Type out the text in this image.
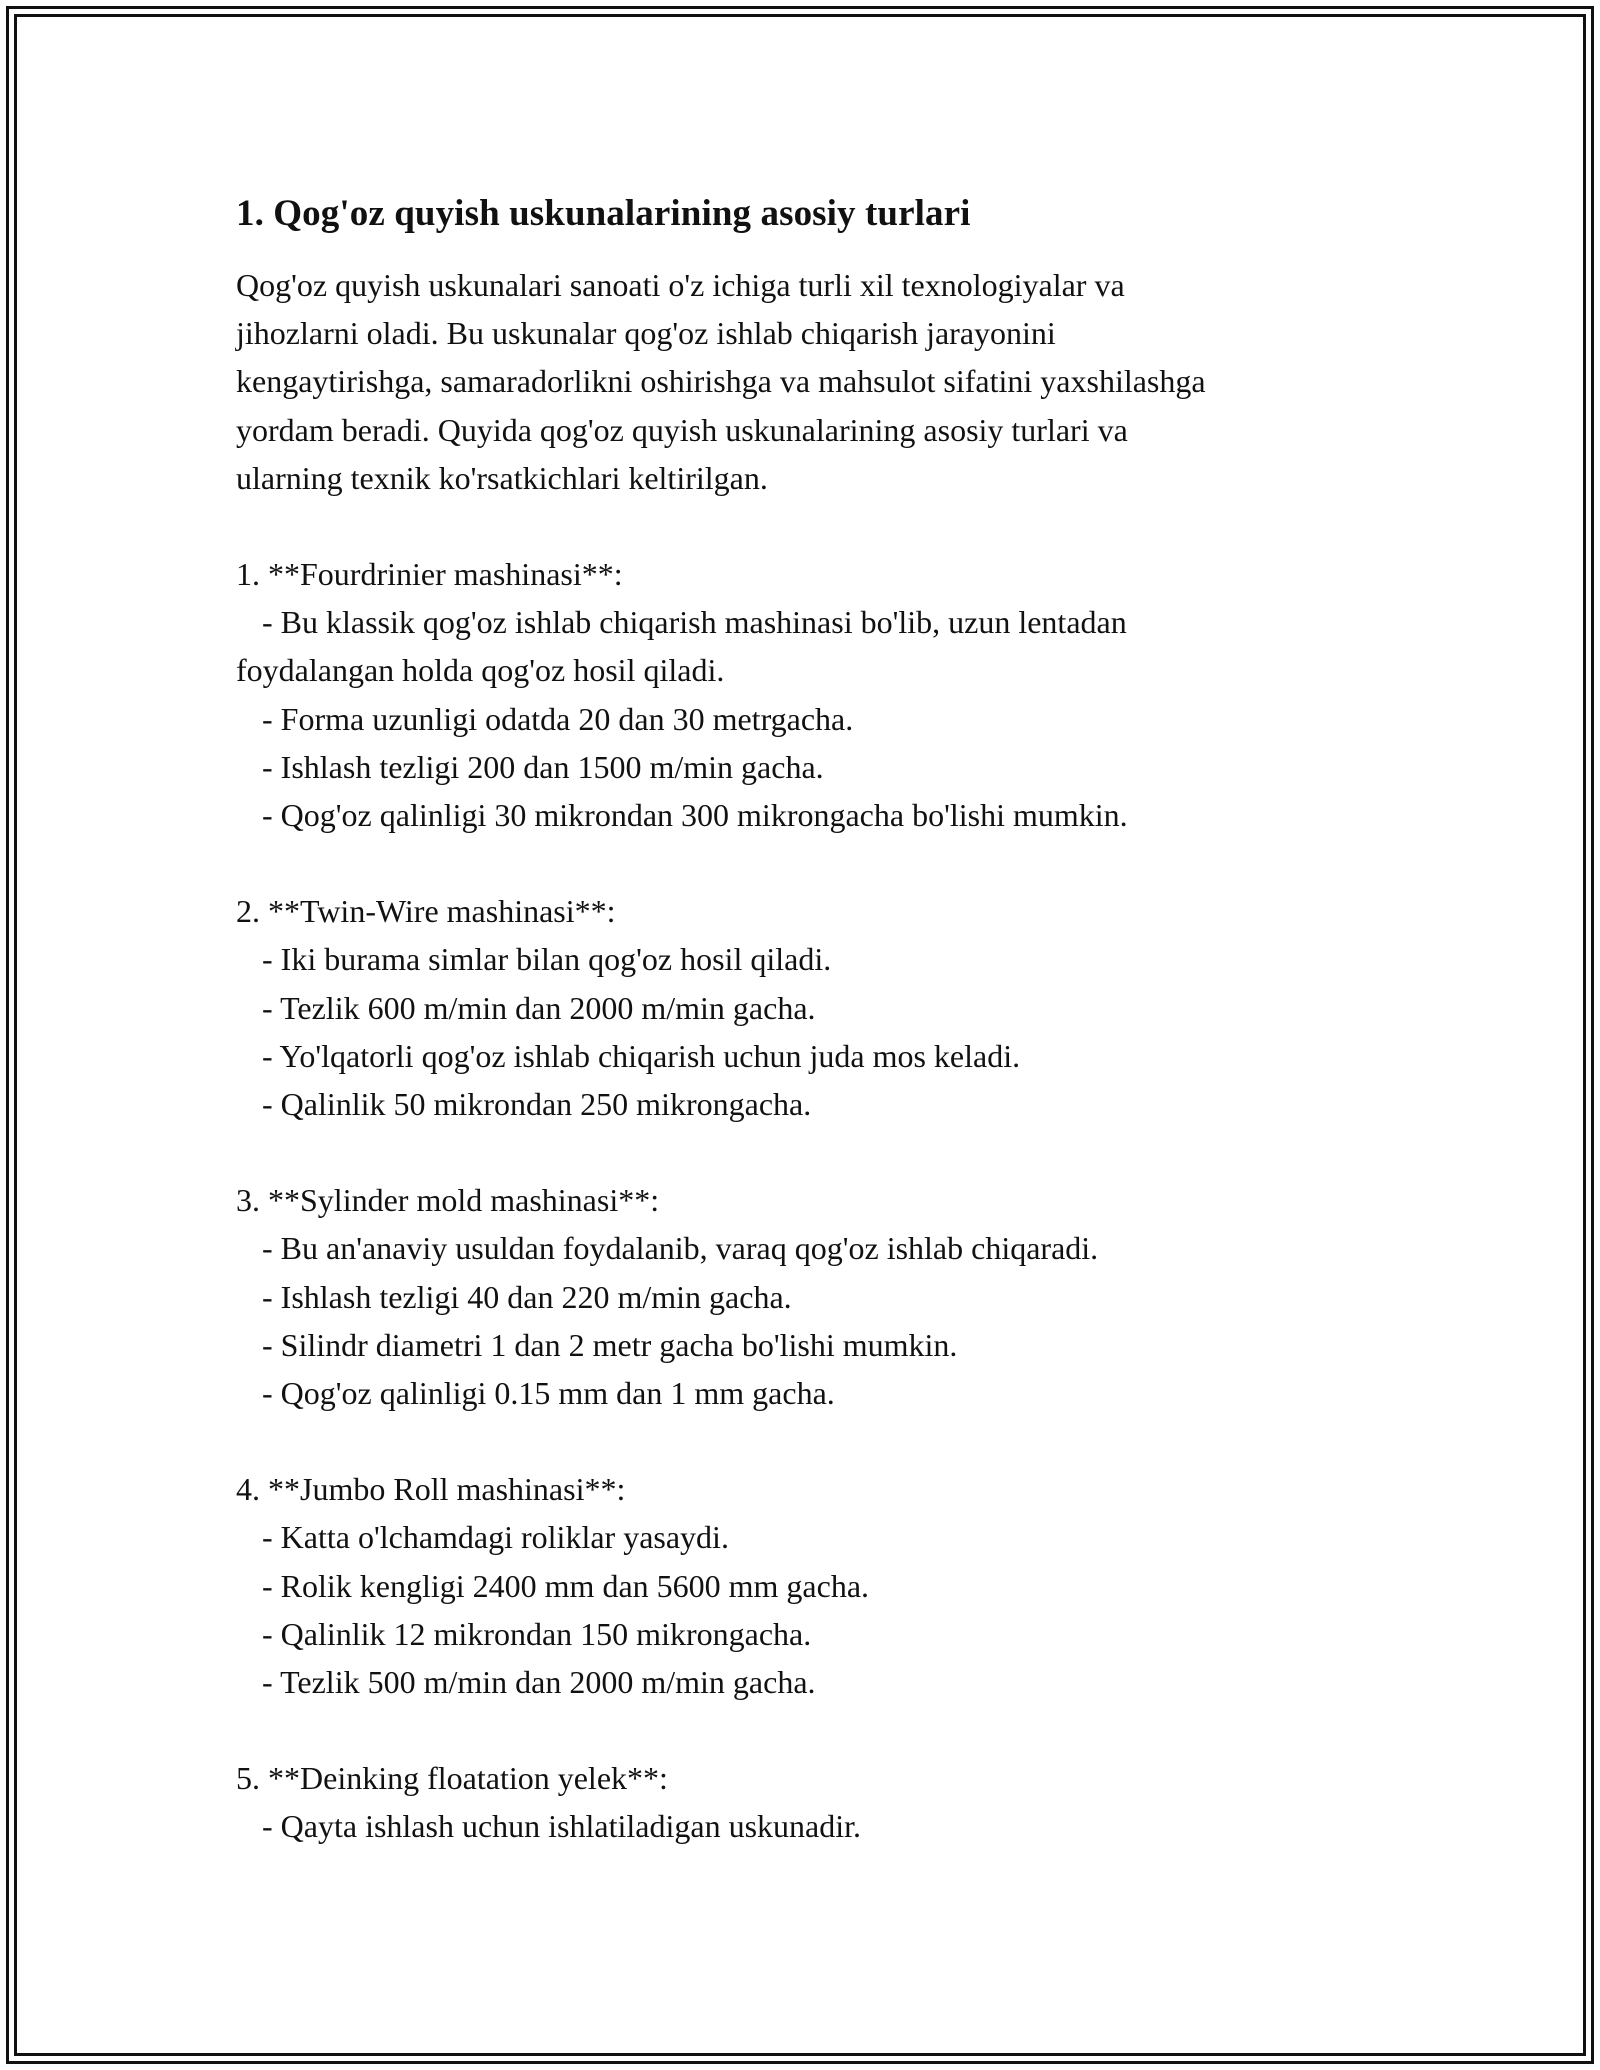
1. Qog'oz quyish uskunalarining asosiy turlari

Qog'oz quyish uskunalari sanoati o'z ichiga turli xil texnologiyalar va
jihozlarni oladi. Bu uskunalar qog'oz ishlab chiqarish jarayonini
kengaytirishga, samaradorlikni oshirishga va mahsulot sifatini yaxshilashga
yordam beradi. Quyida qog'oz quyish uskunalarining asosiy turlari va
ularning texnik ko'rsatkichlari keltirilgan.

1. **Fourdrinier mashinasi**:
- Bu klassik qog'oz ishlab chiqarish mashinasi bo'lib, uzun lentadan
foydalangan holda qog'oz hosil qiladi.
- Forma uzunligi odatda 20 dan 30 metrgacha.
- Ishlash tezligi 200 dan 1500 m/min gacha.
- Qog'oz qalinligi 30 mikrondan 300 mikrongacha bo'lishi mumkin.
2. **Twin-Wire mashinasi**:
- Iki burama simlar bilan qog'oz hosil qiladi.
- Tezlik 600 m/min dan 2000 m/min gacha.
- Yo'lqatorli qog'oz ishlab chiqarish uchun juda mos keladi.
- Qalinlik 50 mikrondan 250 mikrongacha.
3. **Sylinder mold mashinasi**:
- Bu an'anaviy usuldan foydalanib, varaq qog'oz ishlab chiqaradi.
- Ishlash tezligi 40 dan 220 m/min gacha.
- Silindr diametri 1 dan 2 metr gacha bo'lishi mumkin.
- Qog'oz qalinligi 0.15 mm dan 1 mm gacha.
4. **Jumbo Roll mashinasi**:
- Katta o'lchamdagi roliklar yasaydi.
- Rolik kengligi 2400 mm dan 5600 mm gacha.
- Qalinlik 12 mikrondan 150 mikrongacha.
- Tezlik 500 m/min dan 2000 m/min gacha.
5. **Deinking floatation yelek**:
- Qayta ishlash uchun ishlatiladigan uskunadir.
